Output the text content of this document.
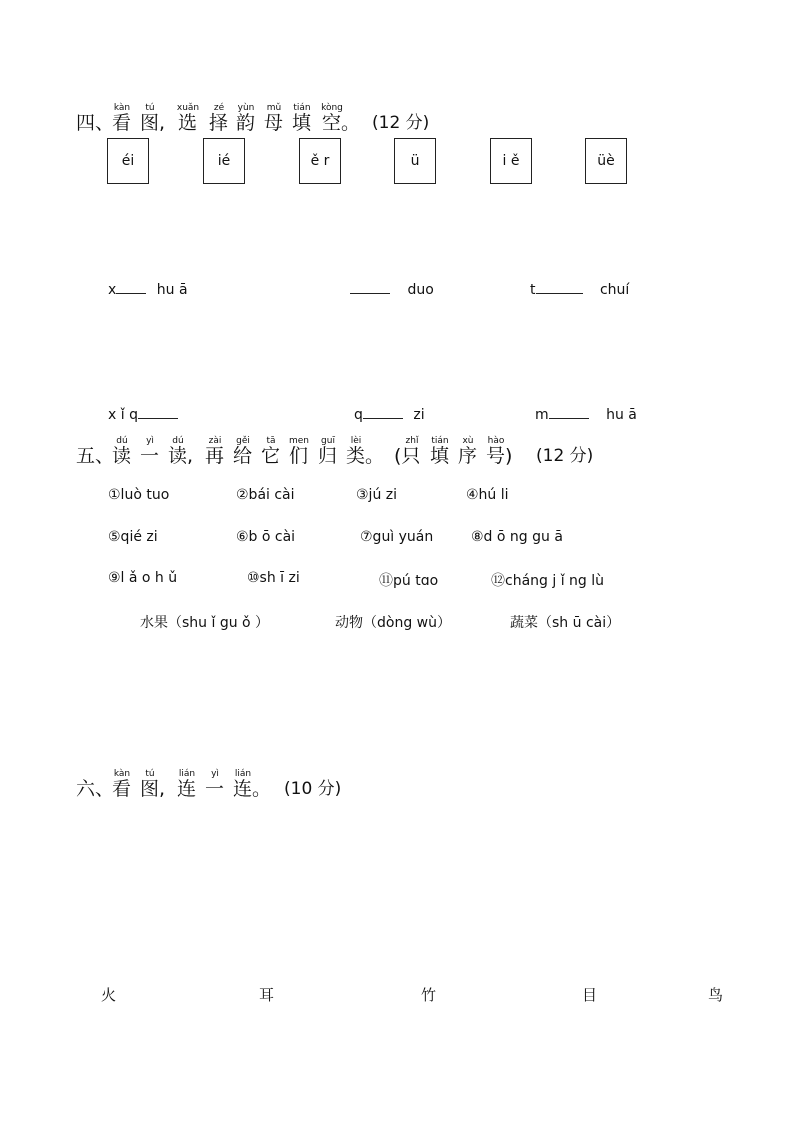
四、
kàn	tú	xuǎn	zé	yùn	mǔ	tián	kòng
看 图, 选 择 韵 母 填 空。 (12 分)
éi	ié	ě r	ü	i ě	üè
x	hu ā	duo	t	chuí
x ǐ q	q	zi	m	hu ā
五、
dú	yì	dú	zài	gěi	tā	men	guī	lèi	zhǐ	tián	xù	hào
读 一 读, 再 给 它 们 归 类。 (只 填 序 号) (12 分)
①luò tuo	②bái cài	③jú zi	④hú li
⑤qié zi	⑥b ō cài	⑦guì yuán	⑧d ō ng gu ā
⑨l ǎ o h ǔ	⑩sh ī zi	⑪pú tɑo	⑫cháng j ǐ ng lù
水果（shu ǐ gu ǒ ）	动物（dòng wù）	蔬菜（sh ū cài）
六、
kàn	tú	lián	yì	lián
看 图, 连 一 连。 (10 分)
火	耳	竹	目	鸟
